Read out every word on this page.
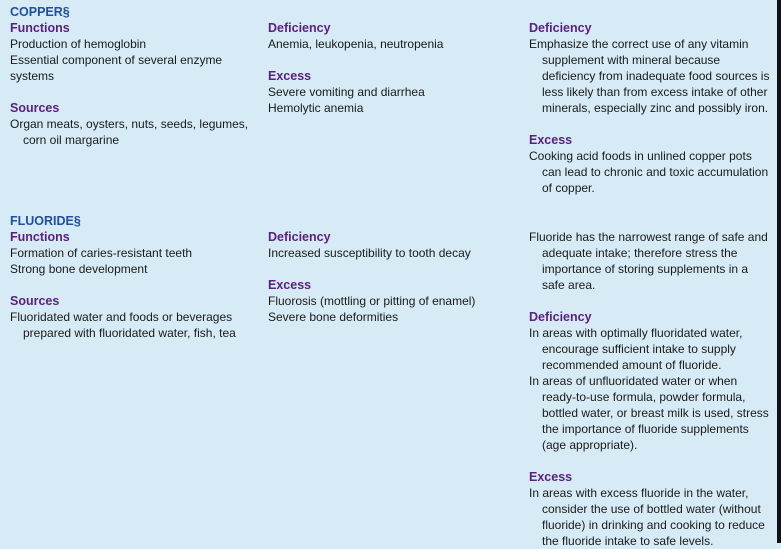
COPPER§

Functions

Production of hemoglobin

Essential component of several enzyme systems

Sources

Organ meats, oysters, nuts, seeds, legumes, corn oil margarine

Deficiency

Anemia, leukopenia, neutropenia

Excess

Severe vomiting and diarrhea

Hemolytic anemia

Deficiency

Emphasize the correct use of any vitamin supplement with mineral because deficiency from inadequate food sources is less likely than from excess intake of other minerals, especially zinc and possibly iron.

Excess

Cooking acid foods in unlined copper pots can lead to chronic and toxic accumulation of copper.

FLUORIDE§

Functions

Formation of caries-resistant teeth

Strong bone development

Sources

Fluoridated water and foods or beverages prepared with fluoridated water, fish, tea

Deficiency

Increased susceptibility to tooth decay

Excess

Fluorosis (mottling or pitting of enamel)

Severe bone deformities

Fluoride has the narrowest range of safe and adequate intake; therefore stress the importance of storing supplements in a safe area.

Deficiency

In areas with optimally fluoridated water, encourage sufficient intake to supply recommended amount of fluoride.

In areas of unfluoridated water or when ready-to-use formula, powder formula, bottled water, or breast milk is used, stress the importance of fluoride supplements (age appropriate).

Excess

In areas with excess fluoride in the water, consider the use of bottled water (without fluoride) in drinking and cooking to reduce the fluoride intake to safe levels.
